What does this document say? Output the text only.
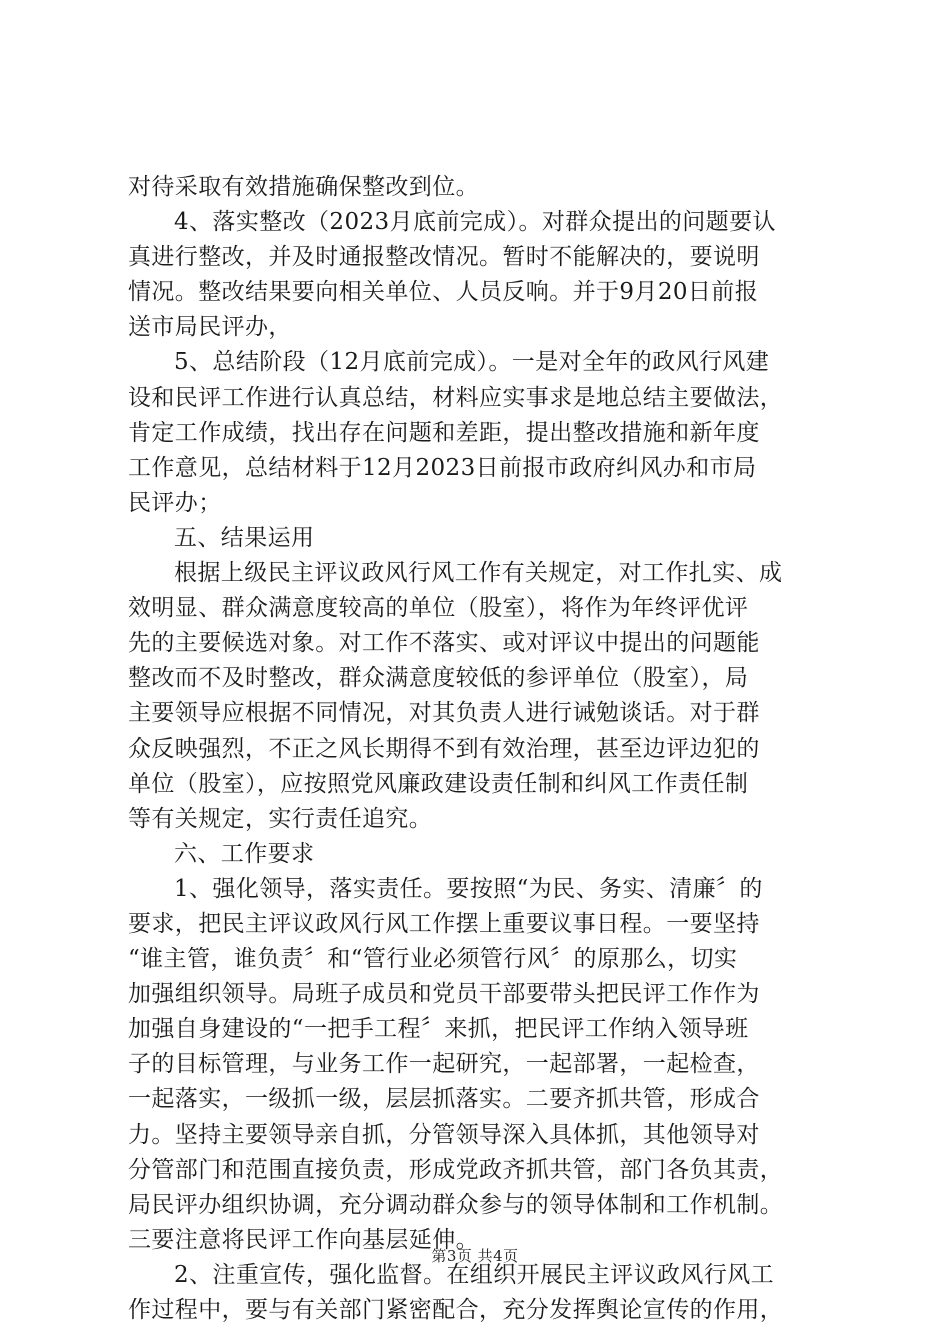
对待采取有效措施确保整改到位。
4、落实整改（2023月底前完成）。对群众提出的问题要认
真进行整改，并及时通报整改情况。暂时不能解决的，要说明
情况。整改结果要向相关单位、人员反响。并于9月20日前报
送市局民评办，
5、总结阶段（12月底前完成）。一是对全年的政风行风建
设和民评工作进行认真总结，材料应实事求是地总结主要做法，
肯定工作成绩，找出存在问题和差距，提出整改措施和新年度
工作意见，总结材料于12月2023日前报市政府纠风办和市局
民评办；
五、结果运用
根据上级民主评议政风行风工作有关规定，对工作扎实、成
效明显、群众满意度较高的单位（股室），将作为年终评优评
先的主要候选对象。对工作不落实、或对评议中提出的问题能
整改而不及时整改，群众满意度较低的参评单位（股室），局
主要领导应根据不同情况，对其负责人进行诫勉谈话。对于群
众反映强烈，不正之风长期得不到有效治理，甚至边评边犯的
单位（股室），应按照党风廉政建设责任制和纠风工作责任制
等有关规定，实行责任追究。
六、工作要求
1、强化领导，落实责任。要按照“为民、务实、清廉〞的
要求，把民主评议政风行风工作摆上重要议事日程。一要坚持
“谁主管，谁负责〞和“管行业必须管行风〞的原那么，切实
加强组织领导。局班子成员和党员干部要带头把民评工作作为
加强自身建设的“一把手工程〞来抓，把民评工作纳入领导班
子的目标管理，与业务工作一起研究，一起部署，一起检查，
一起落实，一级抓一级，层层抓落实。二要齐抓共管，形成合
力。坚持主要领导亲自抓，分管领导深入具体抓，其他领导对
分管部门和范围直接负责，形成党政齐抓共管，部门各负其责，
局民评办组织协调，充分调动群众参与的领导体制和工作机制。
三要注意将民评工作向基层延伸。
2、注重宣传，强化监督。在组织开展民主评议政风行风工
作过程中，要与有关部门紧密配合，充分发挥舆论宣传的作用，
第3页 共4页
